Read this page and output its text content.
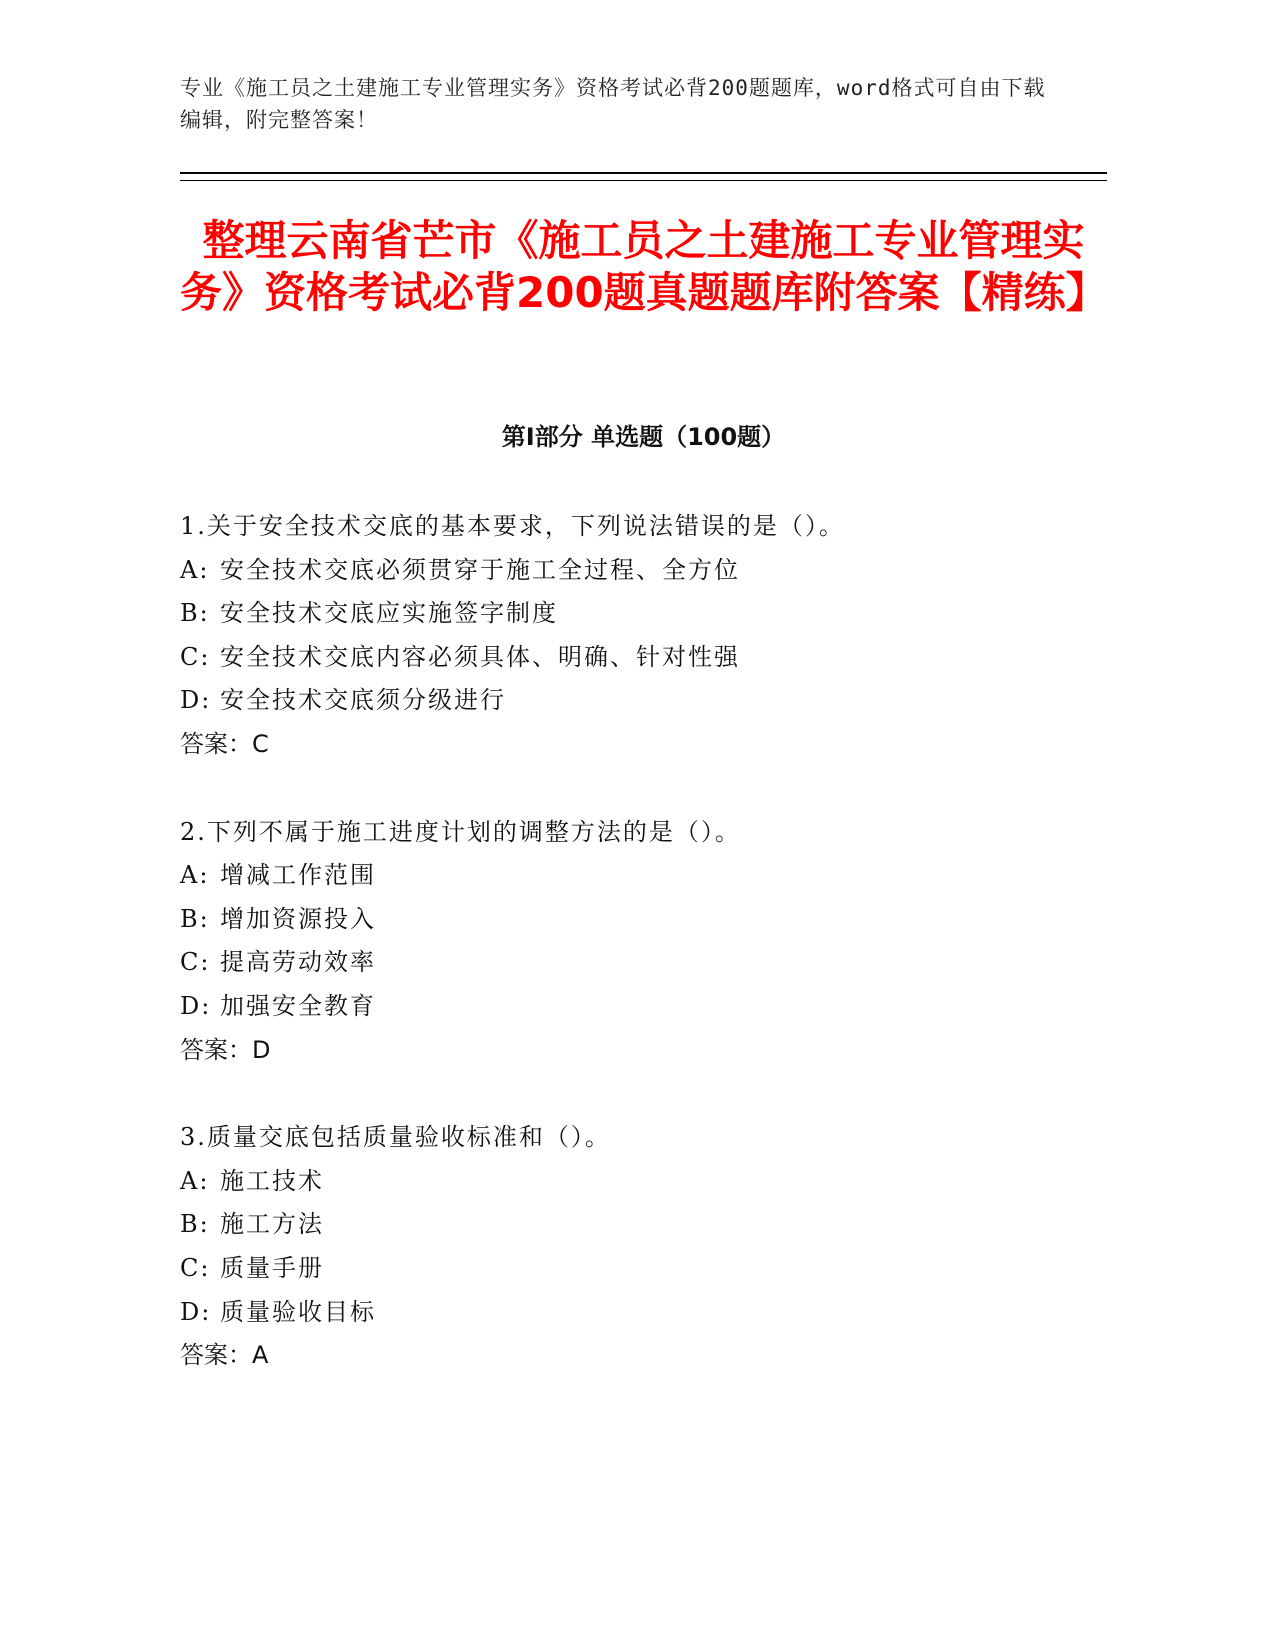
专业《施工员之土建施工专业管理实务》资格考试必背200题题库，word格式可自由下载编辑，附完整答案！
整理云南省芒市《施工员之土建施工专业管理实务》资格考试必背200题真题题库附答案【精练】
第Ⅰ部分 单选题（100题）
1.关于安全技术交底的基本要求，下列说法错误的是（）。
A: 安全技术交底必须贯穿于施工全过程、全方位
B: 安全技术交底应实施签字制度
C: 安全技术交底内容必须具体、明确、针对性强
D: 安全技术交底须分级进行
答案：C
2.下列不属于施工进度计划的调整方法的是（）。
A: 增减工作范围
B: 增加资源投入
C: 提高劳动效率
D: 加强安全教育
答案：D
3.质量交底包括质量验收标准和（）。
A: 施工技术
B: 施工方法
C: 质量手册
D: 质量验收目标
答案：A
